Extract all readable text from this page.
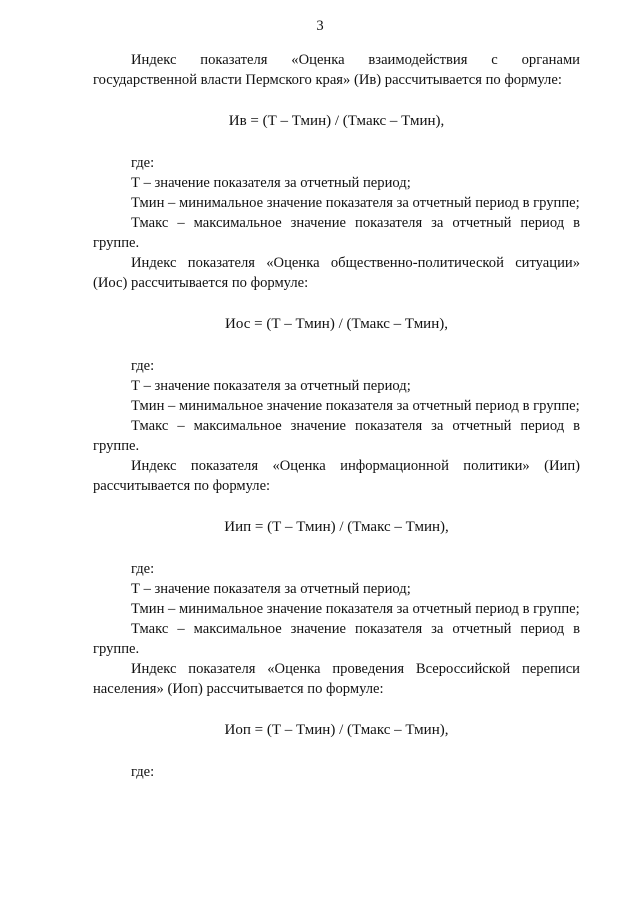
3

Индекс показателя «Оценка взаимодействия с органами государственной власти Пермского края» (Ив) рассчитывается по формуле:

Ив = (Т – Тмин) / (Тмакс – Тмин),

где:

Т – значение показателя за отчетный период;

Тмин – минимальное значение показателя за отчетный период в группе;

Тмакс – максимальное значение показателя за отчетный период в группе.

Индекс показателя «Оценка общественно-политической ситуации» (Иос) рассчитывается по формуле:

Иос = (Т – Тмин) / (Тмакс – Тмин),

где:

Т – значение показателя за отчетный период;

Тмин – минимальное значение показателя за отчетный период в группе;

Тмакс – максимальное значение показателя за отчетный период в группе.

Индекс показателя «Оценка информационной политики» (Иип) рассчитывается по формуле:

Иип = (Т – Тмин) / (Тмакс – Тмин),

где:

Т – значение показателя за отчетный период;

Тмин – минимальное значение показателя за отчетный период в группе;

Тмакс – максимальное значение показателя за отчетный период в группе.

Индекс показателя «Оценка проведения Всероссийской переписи населения» (Иоп) рассчитывается по формуле:

Иоп = (Т – Тмин) / (Тмакс – Тмин),

где:
